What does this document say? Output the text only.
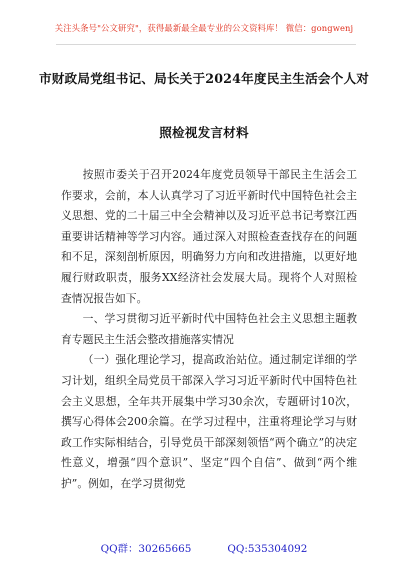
关注头条号"公文研究"，获得最新最全最专业的公文资料库！ 微信：gongwenj
市财政局党组书记、局长关于2024年度民主生活会个人对
照检视发言材料

按照市委关于召开2024年度党员领导干部民主生活会工作要求，会前，本人认真学习了习近平新时代中国特色社会主义思想、党的二十届三中全会精神以及习近平总书记考察江西重要讲话精神等学习内容。通过深入对照检查查找存在的问题和不足，深刻剖析原因，明确努力方向和改进措施，以更好地履行财政职责，服务XX经济社会发展大局。现将个人对照检查情况报告如下。

一、学习贯彻习近平新时代中国特色社会主义思想主题教育专题民主生活会整改措施落实情况

（一）强化理论学习，提高政治站位。通过制定详细的学习计划，组织全局党员干部深入学习习近平新时代中国特色社会主义思想，全年共开展集中学习30余次，专题研讨10次，撰写心得体会200余篇。在学习过程中，注重将理论学习与财政工作实际相结合，引导党员干部深刻领悟“两个确立”的决定性意义，增强“四个意识”、坚定“四个自信”、做到“两个维护”。例如，在学习贯彻党

QQ群：30265665	QQ:535304092
